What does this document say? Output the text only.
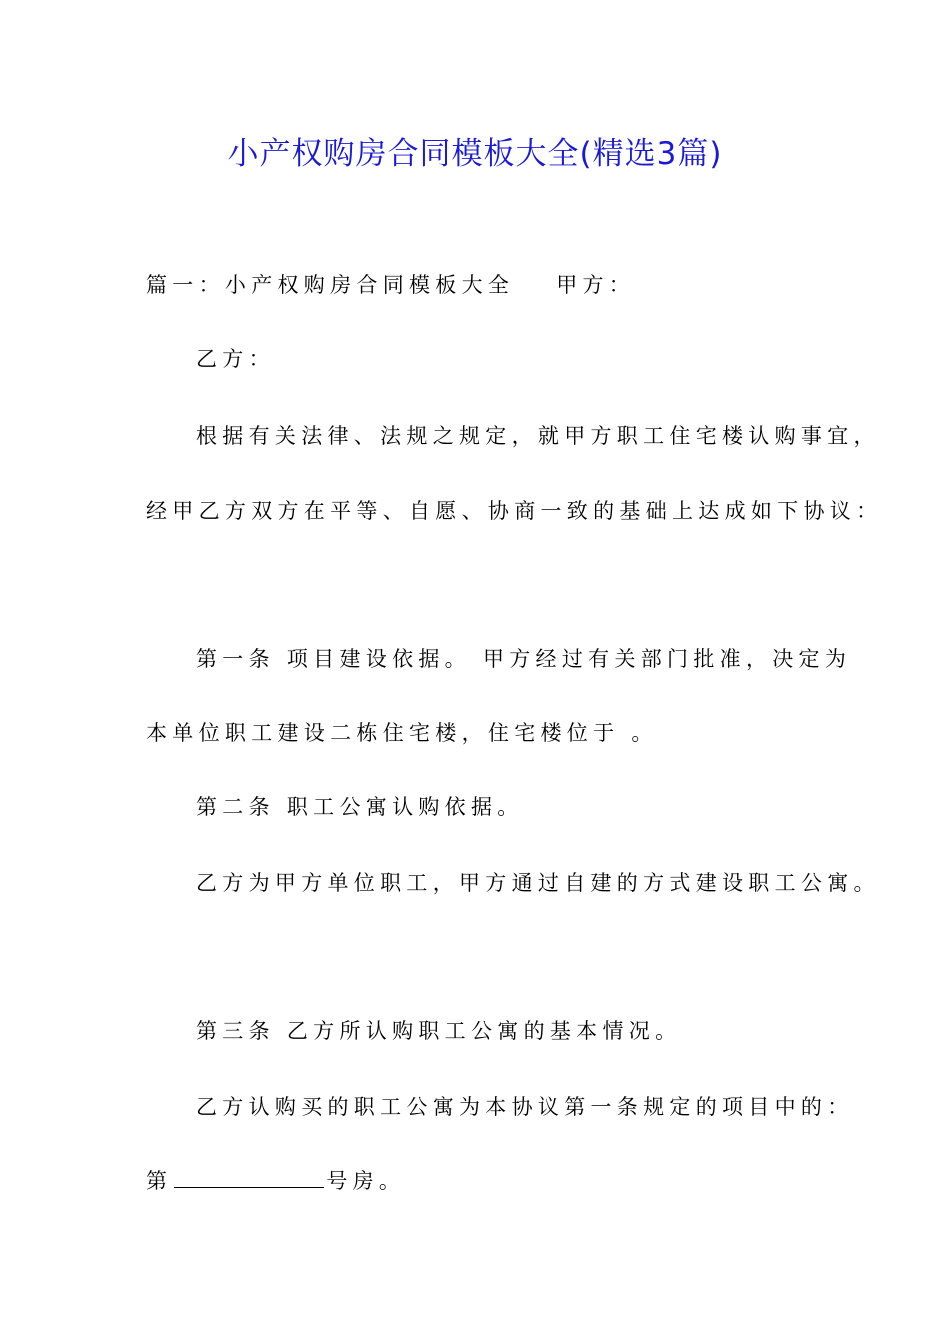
小产权购房合同模板大全(精选3篇)
篇一：小产权购房合同模板大全 甲方：
乙方：
根据有关法律、法规之规定，就甲方职工住宅楼认购事宜，
经甲乙方双方在平等、自愿、协商一致的基础上达成如下协议：
第一条 项目建设依据。 甲方经过有关部门批准，决定为
本单位职工建设二栋住宅楼，住宅楼位于 。
第二条 职工公寓认购依据。
乙方为甲方单位职工，甲方通过自建的方式建设职工公寓。
第三条 乙方所认购职工公寓的基本情况。
乙方认购买的职工公寓为本协议第一条规定的项目中的：
第	号房。
